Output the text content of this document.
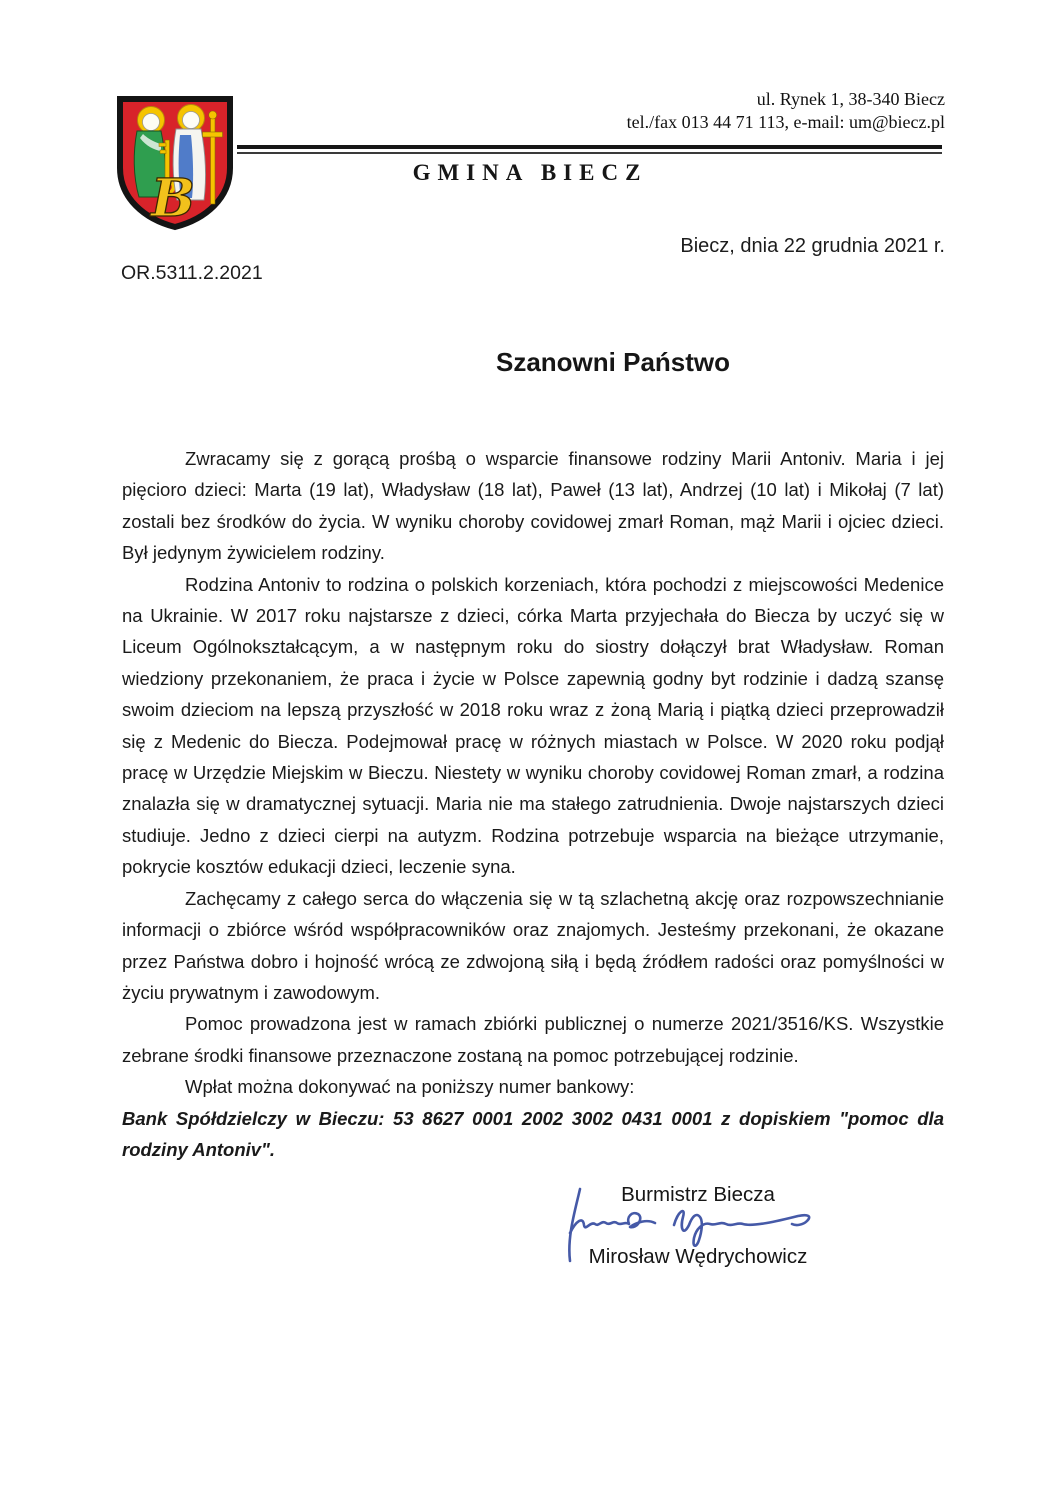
B
ul. Rynek 1, 38-340 Biecz
tel./fax 013 44 71 113, e-mail: um@biecz.pl
GMINA BIECZ
Biecz, dnia 22 grudnia 2021 r.
OR.5311.2.2021
Szanowni Państwo

Zwracamy się z gorącą prośbą o wsparcie finansowe rodziny Marii Antoniv. Maria i jej pięcioro dzieci: Marta (19 lat), Władysław (18 lat), Paweł (13 lat), Andrzej (10 lat) i Mikołaj (7 lat) zostali bez środków do życia. W wyniku choroby covidowej zmarł Roman, mąż Marii i ojciec dzieci. Był jedynym żywicielem rodziny.

Rodzina Antoniv to rodzina o polskich korzeniach, która pochodzi z miejscowości Medenice na Ukrainie. W 2017 roku najstarsze z dzieci, córka Marta przyjechała do Biecza by uczyć się w Liceum Ogólnokształcącym, a w następnym roku do siostry dołączył brat Władysław. Roman wiedziony przekonaniem, że praca i życie w Polsce zapewnią godny byt rodzinie i dadzą szansę swoim dzieciom na lepszą przyszłość w 2018 roku wraz z żoną Marią i piątką dzieci przeprowadził się z Medenic do Biecza. Podejmował pracę w różnych miastach w Polsce. W 2020 roku podjął pracę w Urzędzie Miejskim w Bieczu. Niestety w wyniku choroby covidowej Roman zmarł, a rodzina znalazła się w dramatycznej sytuacji. Maria nie ma stałego zatrudnienia. Dwoje najstarszych dzieci studiuje. Jedno z dzieci cierpi na autyzm. Rodzina potrzebuje wsparcia na bieżące utrzymanie, pokrycie kosztów edukacji dzieci, leczenie syna.

Zachęcamy z całego serca do włączenia się w tą szlachetną akcję oraz rozpowszechnianie informacji o zbiórce wśród współpracowników oraz znajomych. Jesteśmy przekonani, że okazane przez Państwa dobro i hojność wrócą ze zdwojoną siłą i będą źródłem radości oraz pomyślności w życiu prywatnym i zawodowym.

Pomoc prowadzona jest w ramach zbiórki publicznej o numerze 2021/3516/KS. Wszystkie zebrane środki finansowe przeznaczone zostaną na pomoc potrzebującej rodzinie.

Wpłat można dokonywać na poniższy numer bankowy:

Bank Spółdzielczy w Bieczu: 53 8627 0001 2002 3002 0431 0001 z dopiskiem "pomoc dla rodziny Antoniv".

Burmistrz Biecza
Mirosław Wędrychowicz
